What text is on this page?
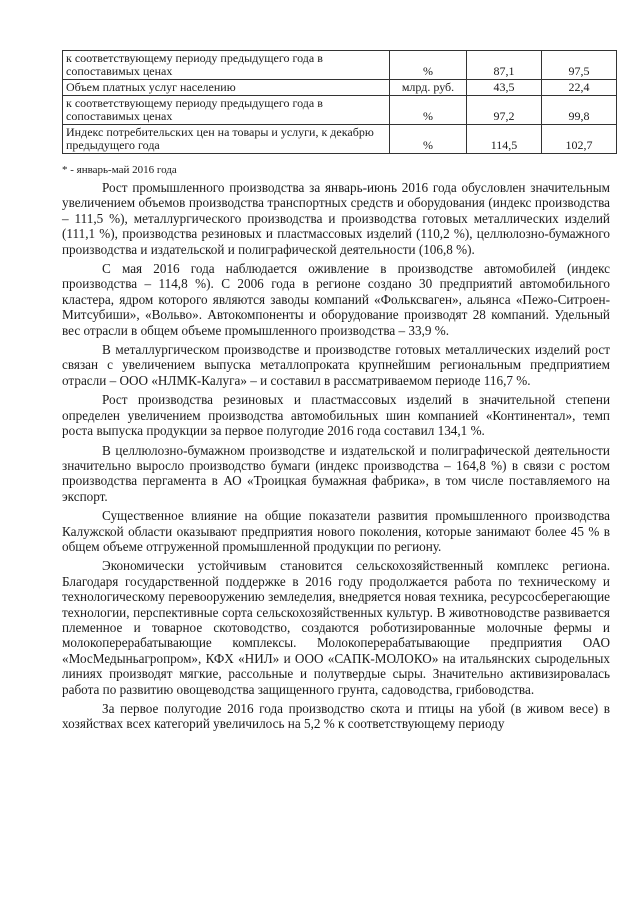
к соответствующему периоду предыдущего года в сопоставимых ценах	%	87,1	97,5
Объем платных услуг населению	млрд. руб.	43,5	22,4
к соответствующему периоду предыдущего года в сопоставимых ценах	%	97,2	99,8
Индекс потребительских цен на товары и услуги, к декабрю предыдущего года	%	114,5	102,7
* - январь-май 2016 года

Рост промышленного производства за январь-июнь 2016 года обусловлен значительным увеличением объемов производства транспортных средств и оборудования (индекс производства – 111,5 %), металлургического производства и производства готовых металлических изделий (111,1 %), производства резиновых и пластмассовых изделий (110,2 %), целлюлозно-бумажного производства и издательской и полиграфической деятельности (106,8 %).

С мая 2016 года наблюдается оживление в производстве автомобилей (индекс производства – 114,8 %). С 2006 года в регионе создано 30 предприятий автомобильного кластера, ядром которого являются заводы компаний «Фольксваген», альянса «Пежо-Ситроен-Митсубиши», «Вольво». Автокомпоненты и оборудование производят 28 компаний. Удельный вес отрасли в общем объеме промышленного производства – 33,9 %.

В металлургическом производстве и производстве готовых металлических изделий рост связан с увеличением выпуска металлопроката крупнейшим региональным предприятием отрасли – ООО «НЛМК-Калуга» – и составил в рассматриваемом периоде 116,7 %.

Рост производства резиновых и пластмассовых изделий в значительной степени определен увеличением производства автомобильных шин компанией «Континентал», темп роста выпуска продукции за первое полугодие 2016 года составил 134,1 %.

В целлюлозно-бумажном производстве и издательской и полиграфической деятельности значительно выросло производство бумаги (индекс производства – 164,8 %) в связи с ростом производства пергамента в АО «Троицкая бумажная фабрика», в том числе поставляемого на экспорт.

Существенное влияние на общие показатели развития промышленного производства Калужской области оказывают предприятия нового поколения, которые занимают более 45 % в общем объеме отгруженной промышленной продукции по региону.

Экономически устойчивым становится сельскохозяйственный комплекс региона. Благодаря государственной поддержке в 2016 году продолжается работа по техническому и технологическому перевооружению земледелия, внедряется новая техника, ресурсосберегающие технологии, перспективные сорта сельскохозяйственных культур. В животноводстве развивается племенное и товарное скотоводство, создаются роботизированные молочные фермы и молокоперерабатывающие комплексы. Молокоперерабатывающие предприятия ОАО «МосМедыньагропром», КФХ «НИЛ» и ООО «САПК-МОЛОКО» на итальянских сыродельных линиях производят мягкие, рассольные и полутвердые сыры. Значительно активизировалась работа по развитию овощеводства защищенного грунта, садоводства, грибоводства.

За первое полугодие 2016 года производство скота и птицы на убой (в живом весе) в хозяйствах всех категорий увеличилось на 5,2 % к соответствующему периоду
